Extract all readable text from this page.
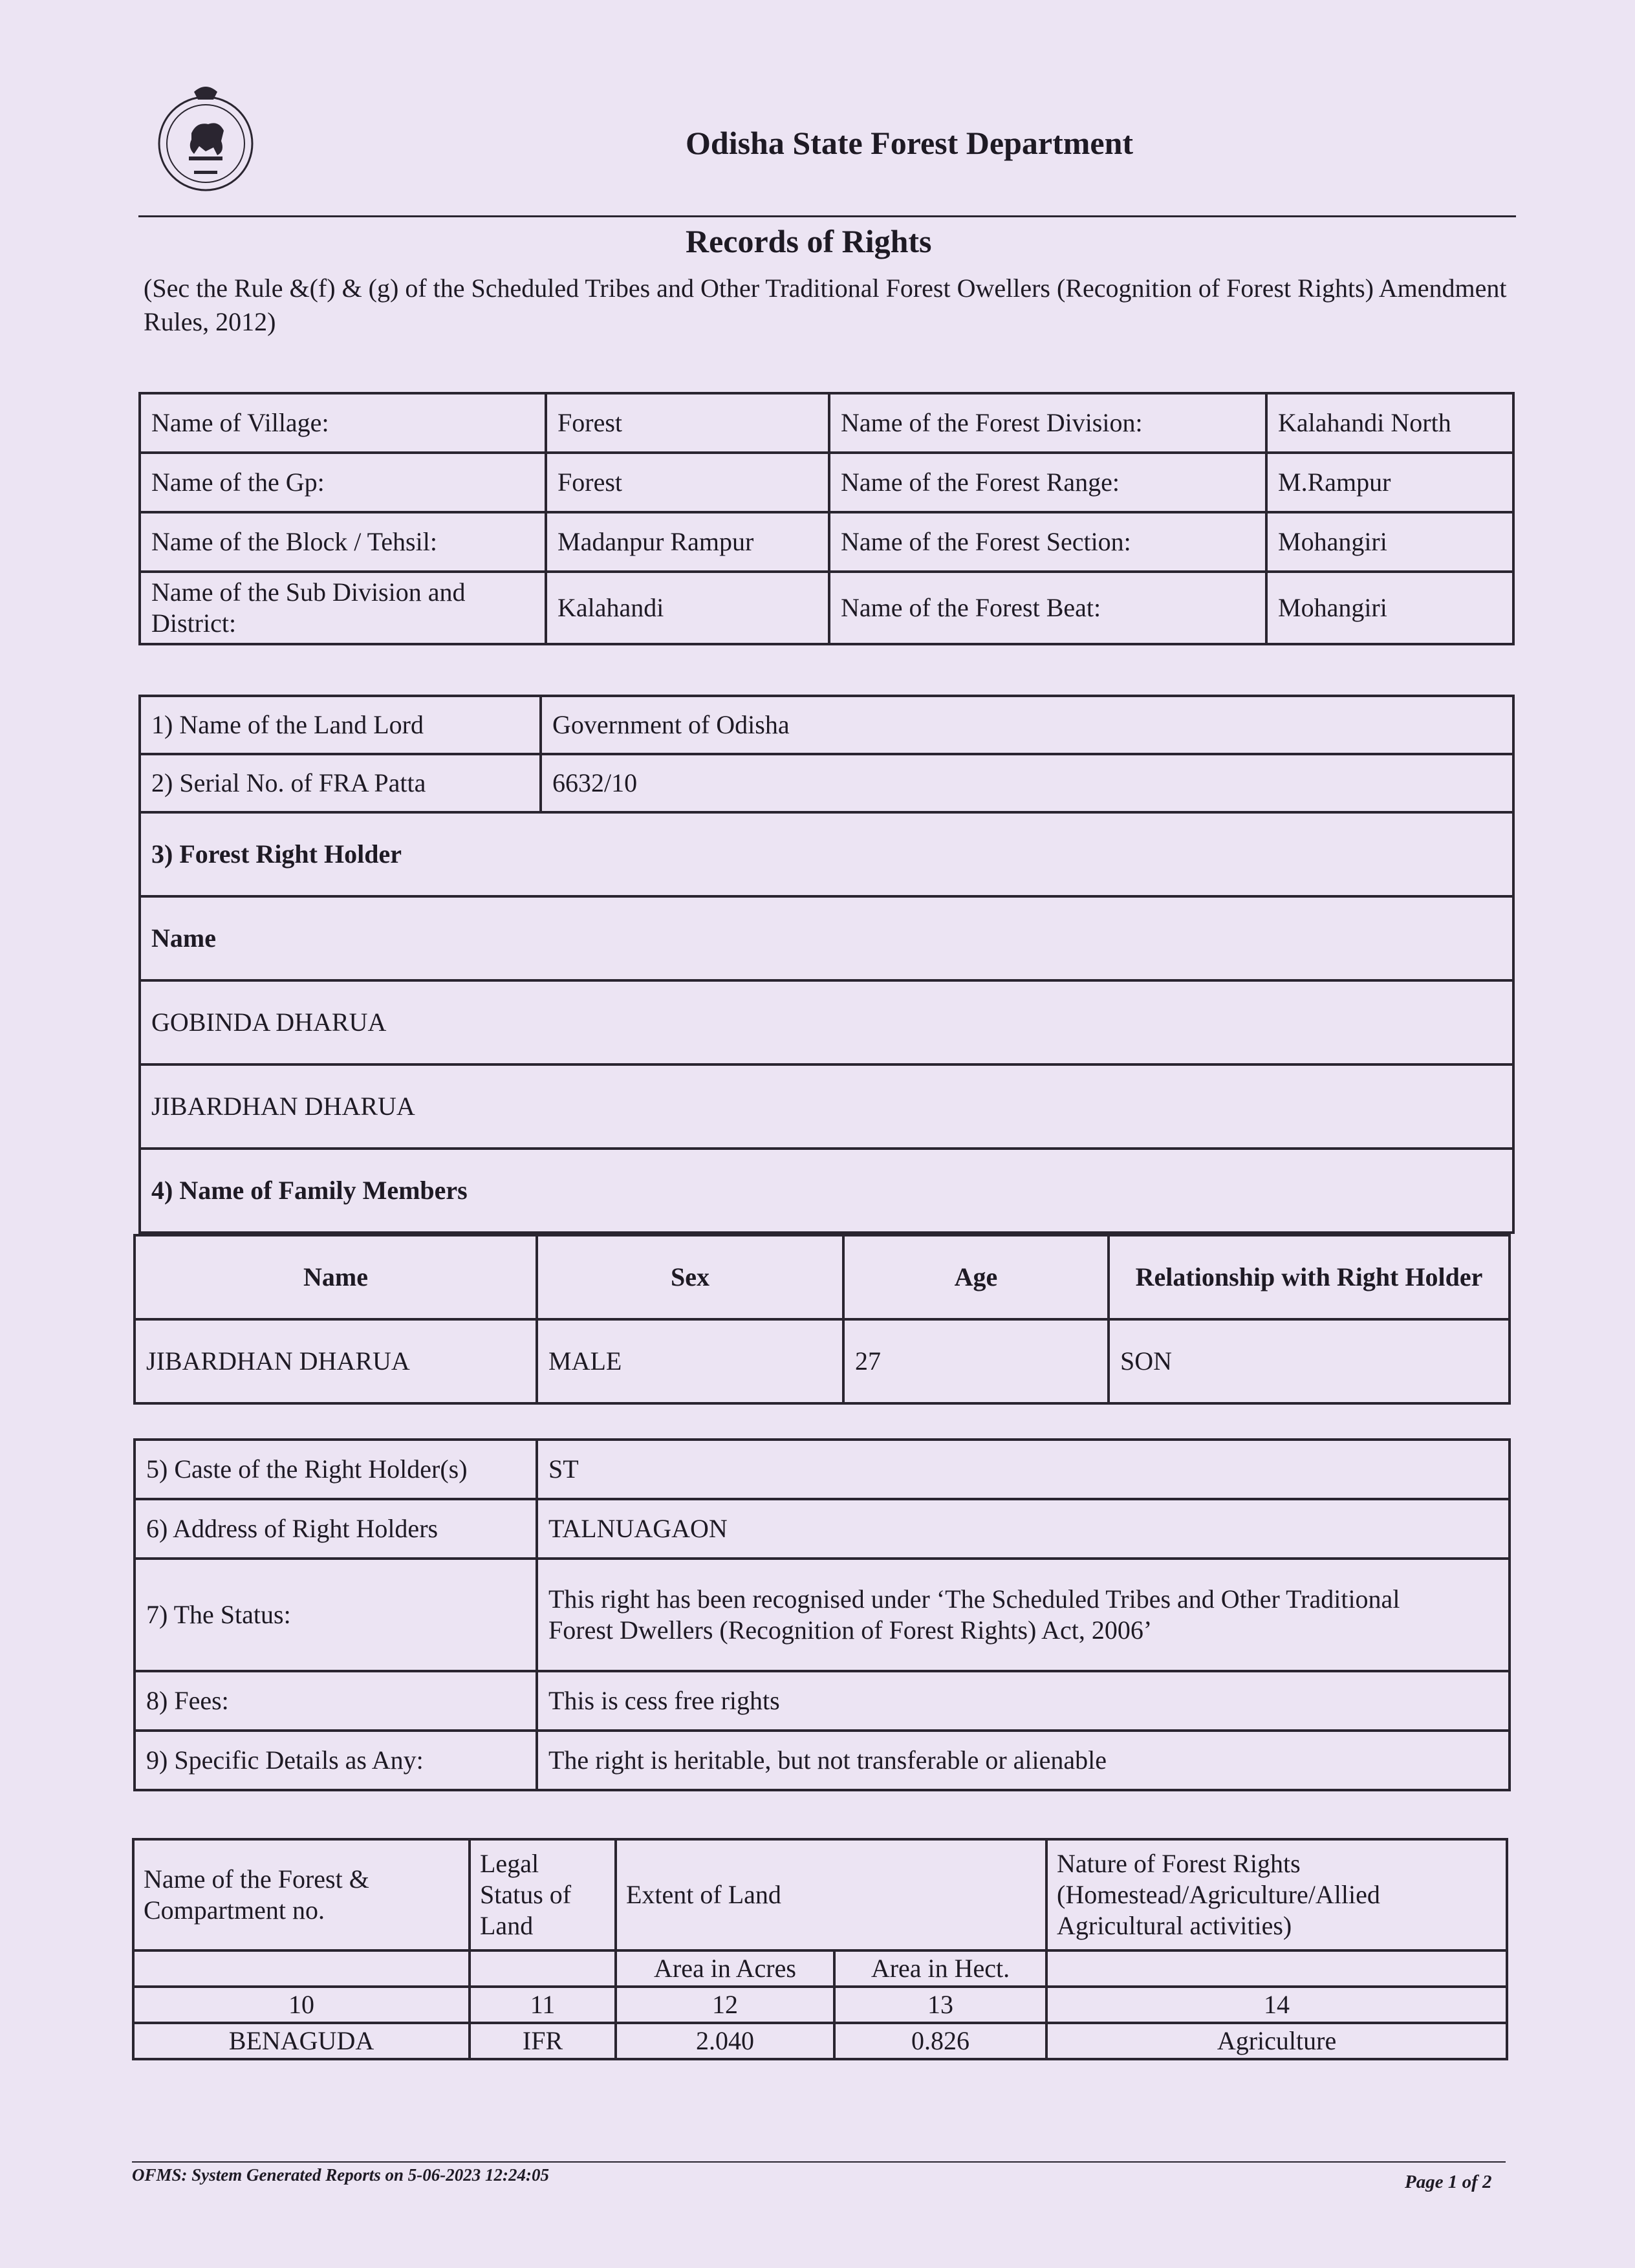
Odisha State Forest Department
Records of Rights
(Sec the Rule &(f) & (g) of the Scheduled Tribes and Other Traditional Forest Owellers (Recognition of Forest Rights) Amendment Rules, 2012)
Name of Village:	Forest	Name of the Forest Division:	Kalahandi North
Name of the Gp:	Forest	Name of the Forest Range:	M.Rampur
Name of the Block / Tehsil:	Madanpur Rampur	Name of the Forest Section:	Mohangiri
Name of the Sub Division and District:	Kalahandi	Name of the Forest Beat:	Mohangiri
1) Name of the Land Lord	Government of Odisha
2) Serial No. of FRA Patta	6632/10
3) Forest Right Holder	
Name	
GOBINDA DHARUA	
JIBARDHAN DHARUA	
4) Name of Family Members	
Name	Sex	Age	Relationship with Right Holder
JIBARDHAN DHARUA	MALE	27	SON
5) Caste of the Right Holder(s)	ST
6) Address of Right Holders	TALNUAGAON
7) The Status:	This right has been recognised under ‘The Scheduled Tribes and Other Traditional
Forest Dwellers (Recognition of Forest Rights) Act, 2006’

8) Fees:	This is cess free rights
9) Specific Details as Any:	The right is heritable, but not transferable or alienable
Name of the Forest & Compartment no.	Legal Status of Land	Extent of Land		Nature of Forest Rights (Homestead/Agriculture/Allied Agricultural activities)
		Area in Acres	Area in Hect.	
10	11	12	13	14
BENAGUDA	IFR	2.040	0.826	Agriculture
OFMS: System Generated Reports on 5-06-2023 12:24:05	Page 1 of 2
